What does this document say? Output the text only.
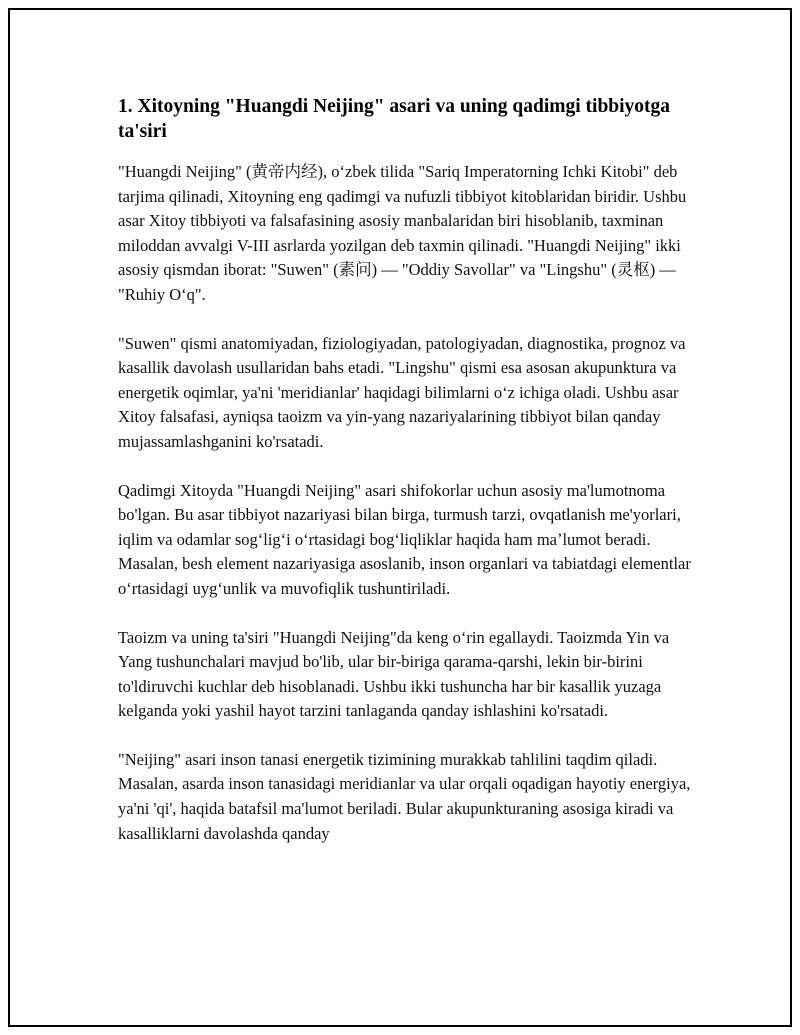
1. Xitoyning "Huangdi Neijing" asari va uning qadimgi tibbiyotga ta'siri

"Huangdi Neijing" (黄帝内经), oʻzbek tilida "Sariq Imperatorning Ichki Kitobi" deb tarjima qilinadi, Xitoyning eng qadimgi va nufuzli tibbiyot kitoblaridan biridir. Ushbu asar Xitoy tibbiyoti va falsafasining asosiy manbalaridan biri hisoblanib, taxminan miloddan avvalgi V-III asrlarda yozilgan deb taxmin qilinadi. "Huangdi Neijing" ikki asosiy qismdan iborat: "Suwen" (素问) — "Oddiy Savollar" va "Lingshu" (灵枢) — "Ruhiy Oʻq".

"Suwen" qismi anatomiyadan, fiziologiyadan, patologiyadan, diagnostika, prognoz va kasallik davolash usullaridan bahs etadi. "Lingshu" qismi esa asosan akupunktura va energetik oqimlar, ya'ni 'meridianlar' haqidagi bilimlarni oʻz ichiga oladi. Ushbu asar Xitoy falsafasi, ayniqsa taoizm va yin-yang nazariyalarining tibbiyot bilan qanday mujassamlashganini ko'rsatadi.

Qadimgi Xitoyda "Huangdi Neijing" asari shifokorlar uchun asosiy ma'lumotnoma bo'lgan. Bu asar tibbiyot nazariyasi bilan birga, turmush tarzi, ovqatlanish me'yorlari, iqlim va odamlar sogʻligʻi oʻrtasidagi bogʻliqliklar haqida ham maʼlumot beradi. Masalan, besh element nazariyasiga asoslanib, inson organlari va tabiatdagi elementlar oʻrtasidagi uygʻunlik va muvofiqlik tushuntiriladi.

Taoizm va uning ta'siri "Huangdi Neijing"da keng oʻrin egallaydi. Taoizmda Yin va Yang tushunchalari mavjud bo'lib, ular bir-biriga qarama-qarshi, lekin bir-birini to'ldiruvchi kuchlar deb hisoblanadi. Ushbu ikki tushuncha har bir kasallik yuzaga kelganda yoki yashil hayot tarzini tanlaganda qanday ishlashini ko'rsatadi.

"Neijing" asari inson tanasi energetik tizimining murakkab tahlilini taqdim qiladi. Masalan, asarda inson tanasidagi meridianlar va ular orqali oqadigan hayotiy energiya, ya'ni 'qi', haqida batafsil ma'lumot beriladi. Bular akupunkturaning asosiga kiradi va kasalliklarni davolashda qanday
